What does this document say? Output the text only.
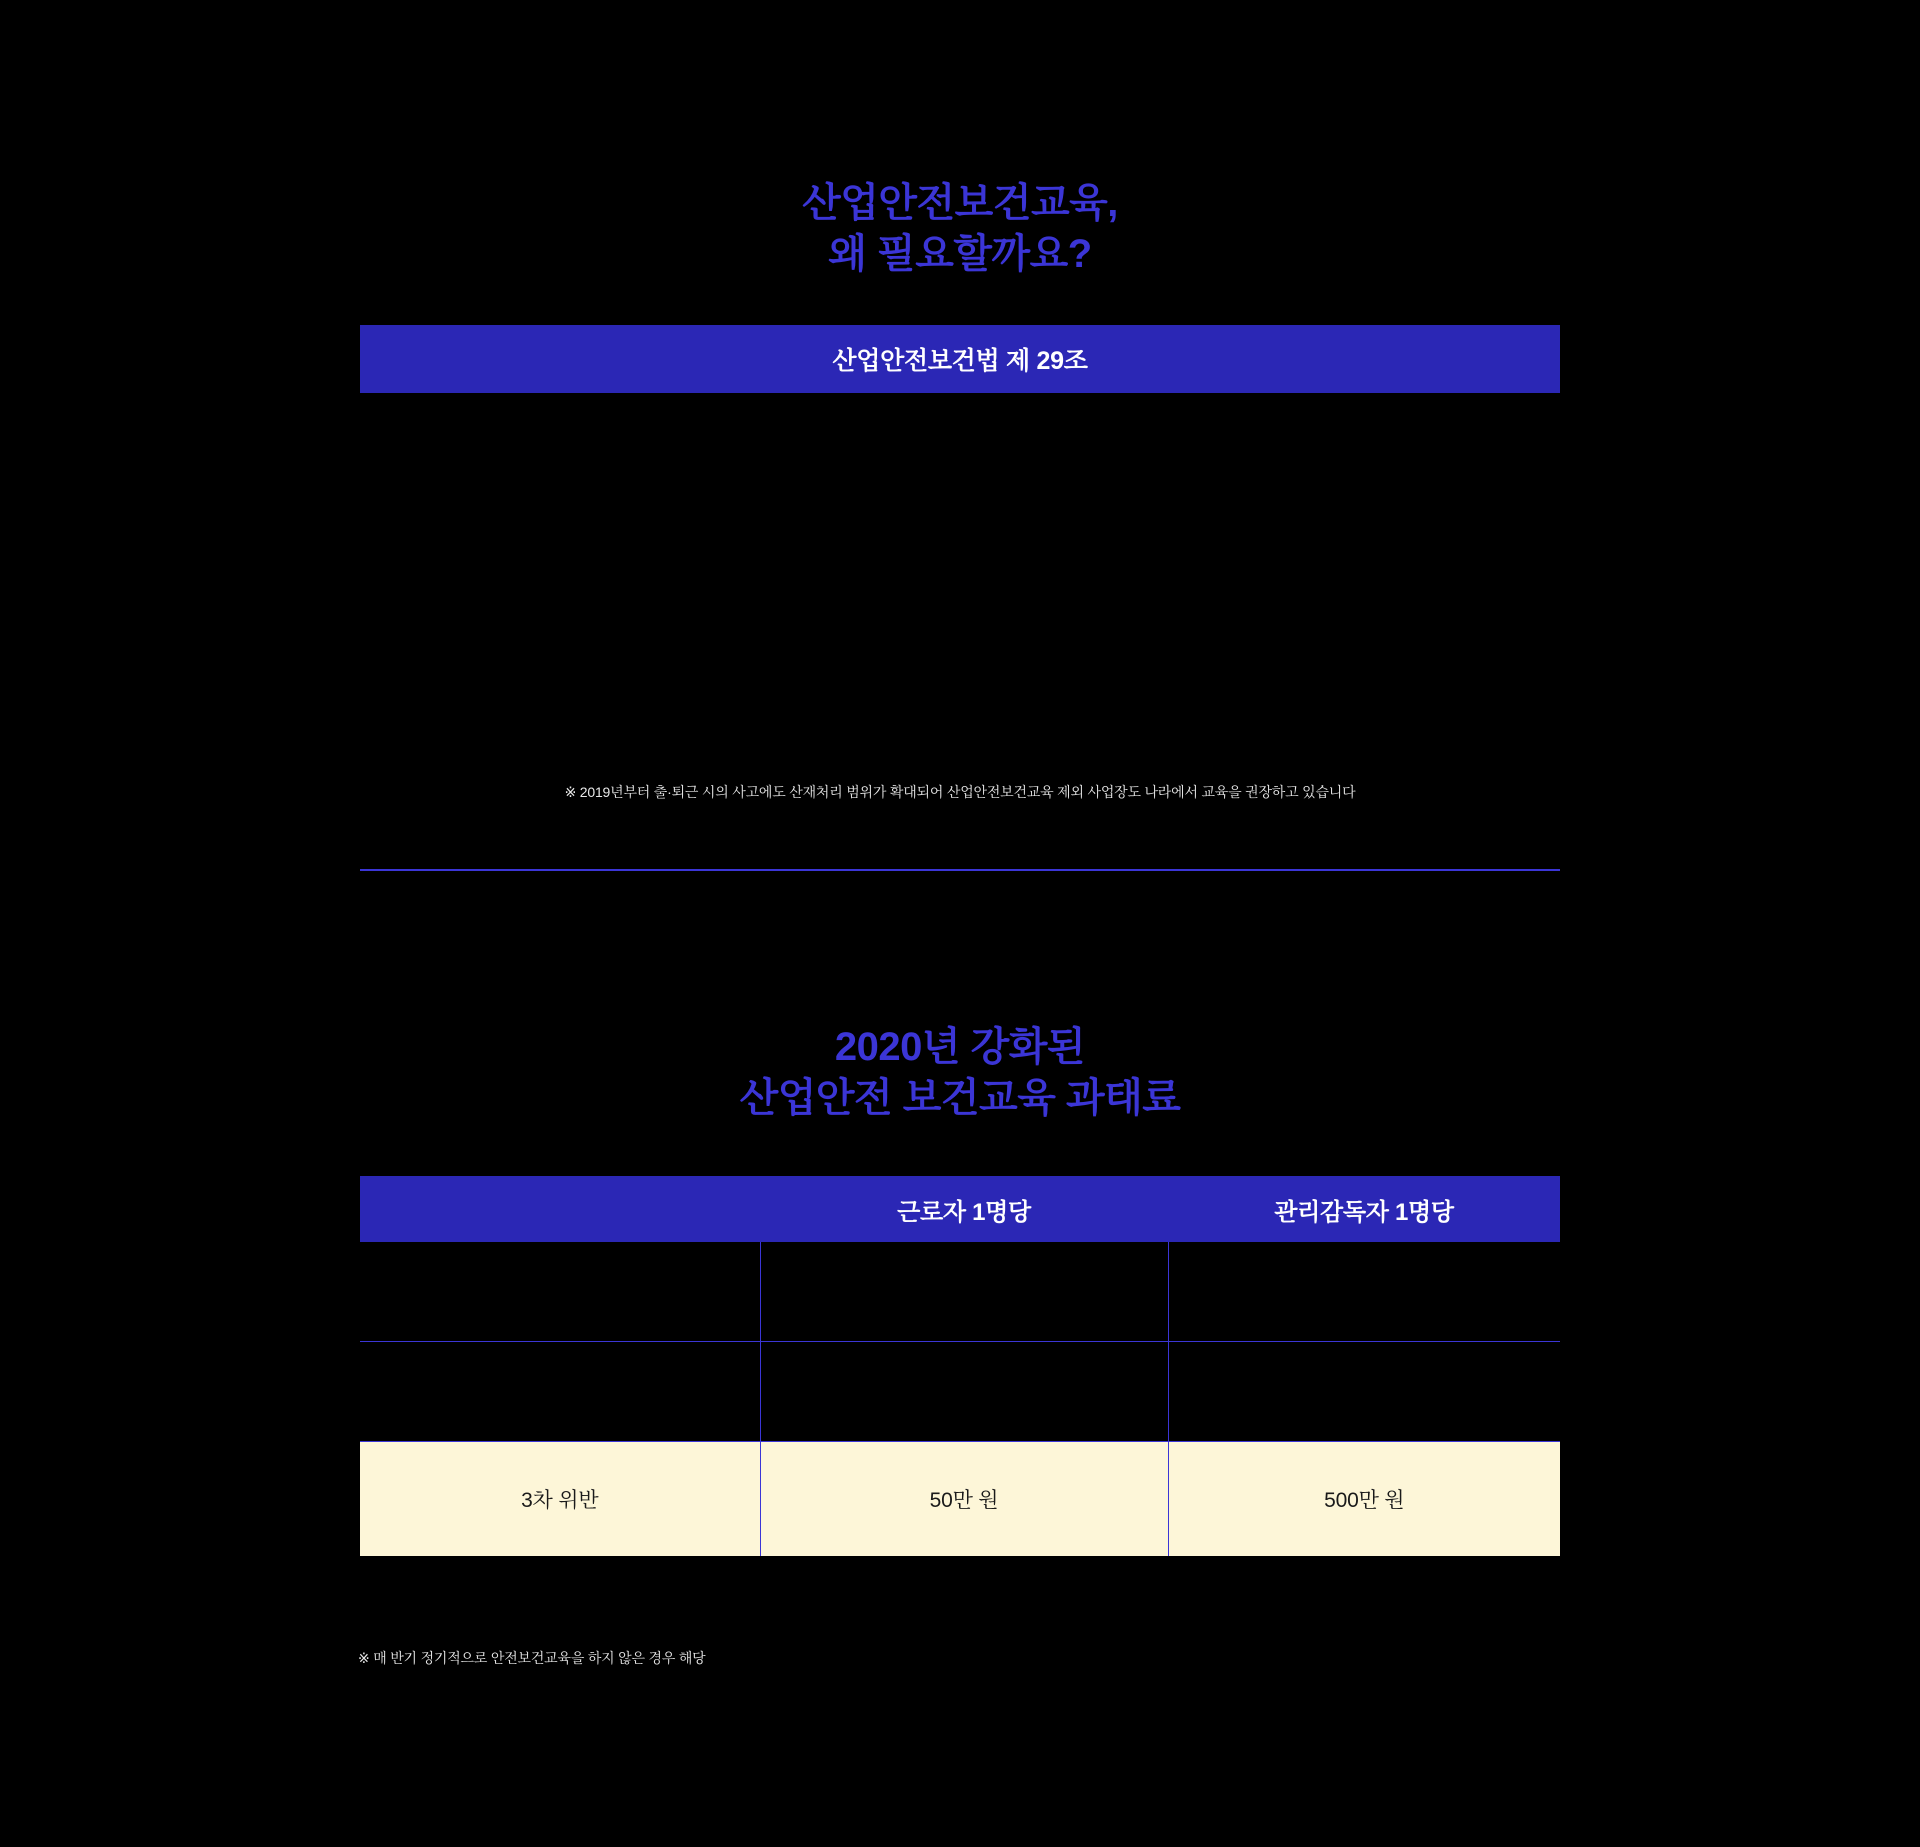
산업안전보건교육,
왜 필요할까요?
산업안전보건법 제 29조
※ 2019년부터 출·퇴근 시의 사고에도 산재처리 범위가 확대되어 산업안전보건교육 제외 사업장도 나라에서 교육을 권장하고 있습니다
2020년 강화된
산업안전 보건교육 과태료
	근로자 1명당	관리감독자 1명당

3차 위반	50만 원	500만 원
※ 매 반기 정기적으로 안전보건교육을 하지 않은 경우 해당
